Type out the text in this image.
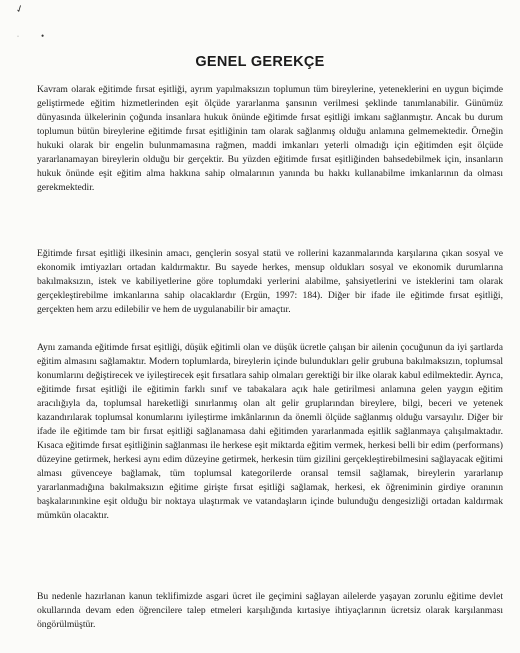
✓
•
·
GENEL GEREKÇE

Kavram olarak eğitimde fırsat eşitliği, ayrım yapılmaksızın toplumun tüm bireylerine, yeteneklerini en uygun biçimde geliştirmede eğitim hizmetlerinden eşit ölçüde yararlanma şansının verilmesi şeklinde tanımlanabilir. Günümüz dünyasında ülkelerinin çoğunda insanlara hukuk önünde eğitimde fırsat eşitliği imkanı sağlanmıştır. Ancak bu durum toplumun bütün bireylerine eğitimde fırsat eşitliğinin tam olarak sağlanmış olduğu anlamına gelmemektedir. Örneğin hukuki olarak bir engelin bulunmamasına rağmen, maddi imkanları yeterli olmadığı için eğitimden eşit ölçüde yararlanamayan bireylerin olduğu bir gerçektir. Bu yüzden eğitimde fırsat eşitliğinden bahsedebilmek için, insanların hukuk önünde eşit eğitim alma hakkına sahip olmalarının yanında bu hakkı kullanabilme imkanlarının da olması gerekmektedir.

Eğitimde fırsat eşitliği ilkesinin amacı, gençlerin sosyal statü ve rollerini kazanmalarında karşılarına çıkan sosyal ve ekonomik imtiyazları ortadan kaldırmaktır. Bu sayede herkes, mensup oldukları sosyal ve ekonomik durumlarına bakılmaksızın, istek ve kabiliyetlerine göre toplumdaki yerlerini alabilme, şahsiyetlerini ve isteklerini tam olarak gerçekleştirebilme imkanlarına sahip olacaklardır (Ergün, 1997: 184). Diğer bir ifade ile eğitimde fırsat eşitliği, gerçekten hem arzu edilebilir ve hem de uygulanabilir bir amaçtır.

Aynı zamanda eğitimde fırsat eşitliği, düşük eğitimli olan ve düşük ücretle çalışan bir ailenin çocuğunun da iyi şartlarda eğitim almasını sağlamaktır. Modern toplumlarda, bireylerin içinde bulundukları gelir grubuna bakılmaksızın, toplumsal konumlarını değiştirecek ve iyileştirecek eşit fırsatlara sahip olmaları gerektiği bir ilke olarak kabul edilmektedir. Ayrıca, eğitimde fırsat eşitliği ile eğitimin farklı sınıf ve tabakalara açık hale getirilmesi anlamına gelen yaygın eğitim aracılığıyla da, toplumsal hareketliği sınırlanmış olan alt gelir gruplarından bireylere, bilgi, beceri ve yetenek kazandırılarak toplumsal konumlarını iyileştirme imkânlarının da önemli ölçüde sağlanmış olduğu varsayılır. Diğer bir ifade ile eğitimde tam bir fırsat eşitliği sağlanamasa dahi eğitimden yararlanmada eşitlik sağlanmaya çalışılmaktadır. Kısaca eğitimde fırsat eşitliğinin sağlanması ile herkese eşit miktarda eğitim vermek, herkesi belli bir edim (performans) düzeyine getirmek, herkesi aynı edim düzeyine getirmek, herkesin tüm gizilini gerçekleştirebilmesini sağlayacak eğitimi alması güvenceye bağlamak, tüm toplumsal kategorilerde oransal temsil sağlamak, bireylerin yararlanıp yararlanmadığına bakılmaksızın eğitime girişte fırsat eşitliği sağlamak, herkesi, ek öğreniminin girdiye oranının başkalarınınkine eşit olduğu bir noktaya ulaştırmak ve vatandaşların içinde bulunduğu dengesizliği ortadan kaldırmak mümkün olacaktır.

Bu nedenle hazırlanan kanun teklifimizde asgari ücret ile geçimini sağlayan ailelerde yaşayan zorunlu eğitime devlet okullarında devam eden öğrencilere talep etmeleri karşılığında kırtasiye ihtiyaçlarının ücretsiz olarak karşılanması öngörülmüştür.
